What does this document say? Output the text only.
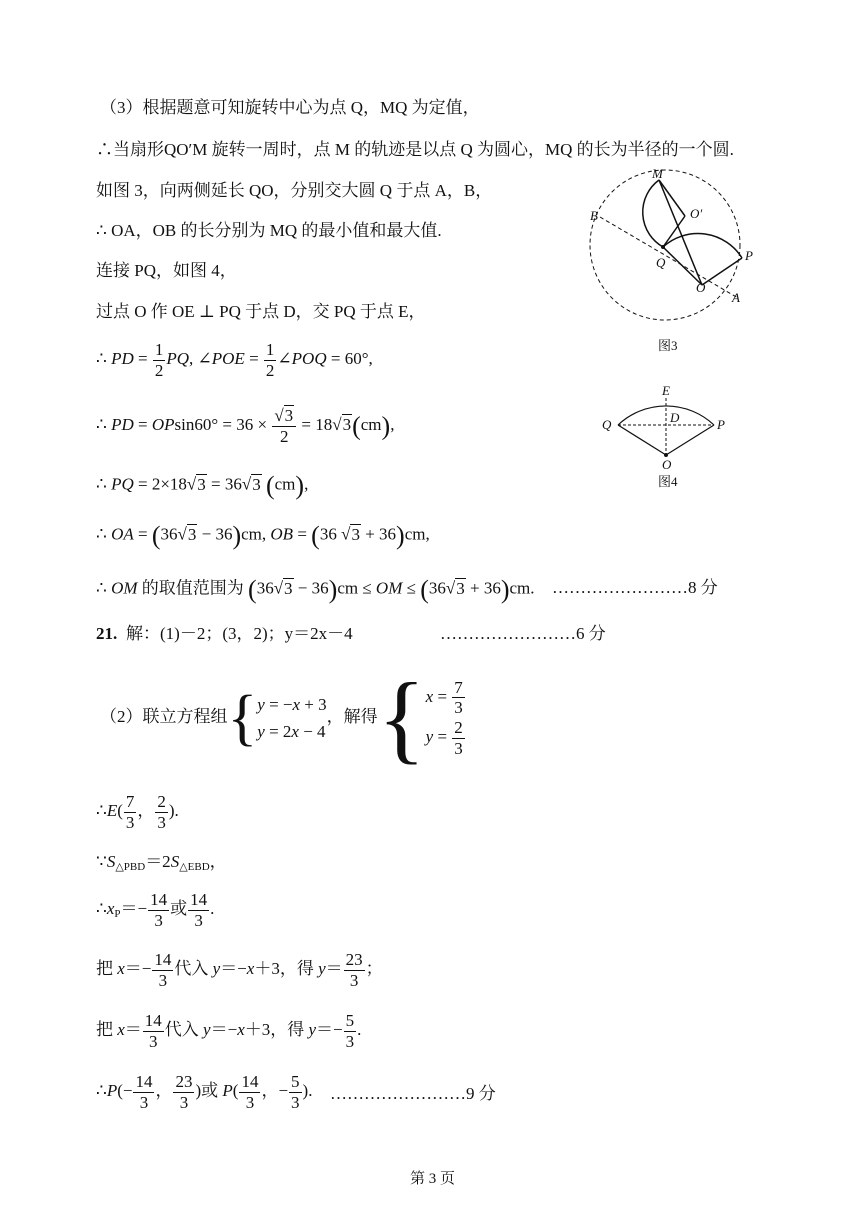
（3）根据题意可知旋转中心为点 Q，MQ 为定值，
∴当扇形QO′M 旋转一周时，点 M 的轨迹是以点 Q 为圆心，MQ 的长为半径的一个圆.
如图 3，向两侧延长 QO，分别交大圆 Q 于点 A，B，
∴ OA，OB 的长分别为 MQ 的最小值和最大值.
连接 PQ，如图 4，
过点 O 作 OE ⊥ PQ 于点 D，交 PQ 于点 E，
∴ PD = $\frac{1}{2}$ PQ, ∠POE = $\frac{1}{2}$ ∠POQ = 60°,
∴ PD = $OPsin60^\circ = 36 \times \frac{√3}{2} = 18√3(cm)$,
∴ PQ = 2×18√3 = 36√3 (cm),
∴ OA = (36√3 − 36)cm, OB = (36 √3 + 36)cm,
∴ OM 的取值范围为 (36√3 − 36)cm ≤ OM ≤ (36√3 + 36)cm. ……………………8 分
21. 解：(1)－2；(3，2)；y＝2x－4	……………………6 分
（2）联立方程组{y = −x + 3
y = 2x − 4，解得{$x = \frac{7}{3}$

$y = \frac{2}{3}$
∴E( $\frac{7}{3}$ ， $\frac{2}{3}$ ).
$\because S_{\triangle PBD}=2S_{\triangle EBD}$，
$\therefore x_P=- \frac{14}{3}$ 或 $\frac{14}{3}$ .
把 $x=- \frac{14}{3}$ 代入 y＝−x＋3，得 $y= \frac{23}{3}$ ；
把 $x= \frac{14}{3}$ 代入 y＝−x＋3，得 $y=- \frac{5}{3}$ .
∴P(− $\frac{14}{3}$ ， $\frac{23}{3}$ )或 $P( \frac{14}{3}$ ，− $\frac{5}{3}$ ). ……………………9 分
M
O′
B
Q	P
O
A
图3
E
D
Q	P
O
图4
第 3 页
